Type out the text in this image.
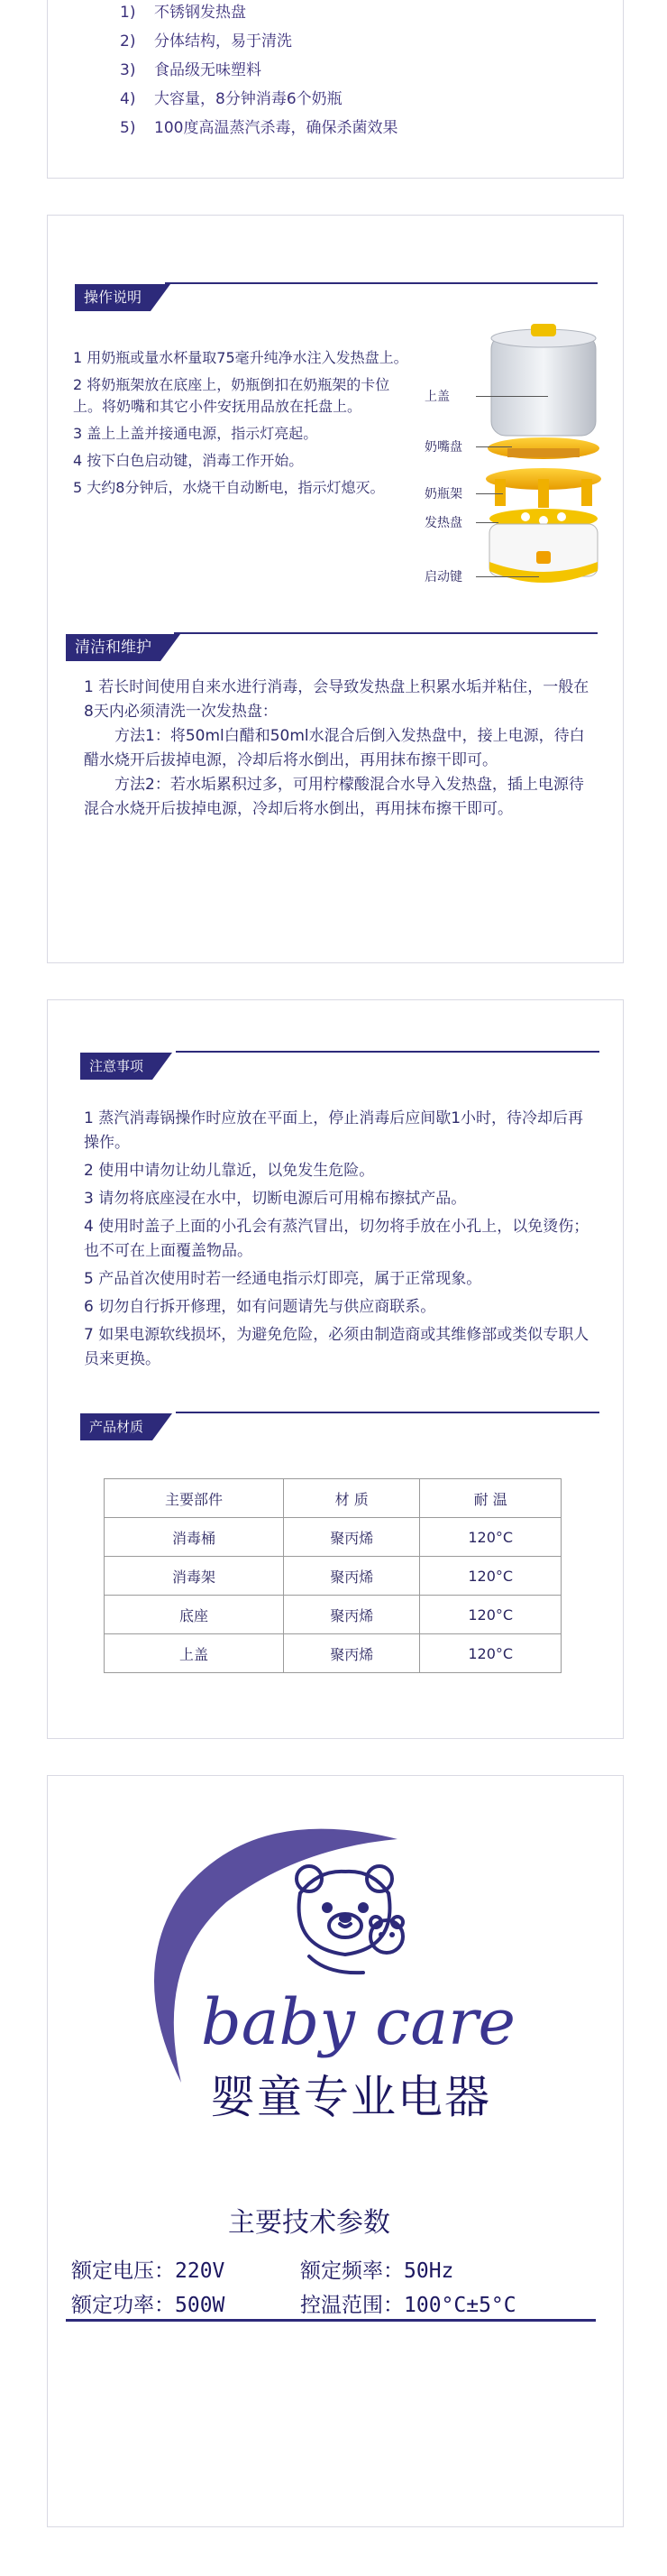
1) 不锈钢发热盘
2) 分体结构，易于清洗
3) 食品级无味塑料
4) 大容量，8分钟消毒6个奶瓶
5) 100度高温蒸汽杀毒，确保杀菌效果
操作说明
1 用奶瓶或量水杯量取75毫升纯净水注入发热盘上。
2 将奶瓶架放在底座上，奶瓶倒扣在奶瓶架的卡位上。将奶嘴和其它小件安抚用品放在托盘上。
3 盖上上盖并接通电源，指示灯亮起。
4 按下白色启动键，消毒工作开始。
5 大约8分钟后，水烧干自动断电，指示灯熄灭。
上盖
奶嘴盘
奶瓶架
发热盘
启动键
清洁和维护
1 若长时间使用自来水进行消毒，会导致发热盘上积累水垢并粘住，一般在8天内必须清洗一次发热盘：
方法1：将50ml白醋和50ml水混合后倒入发热盘中，接上电源，待白醋水烧开后拔掉电源，冷却后将水倒出，再用抹布擦干即可。
方法2：若水垢累积过多，可用柠檬酸混合水导入发热盘，插上电源待混合水烧开后拔掉电源，冷却后将水倒出，再用抹布擦干即可。
注意事项
1 蒸汽消毒锅操作时应放在平面上，停止消毒后应间歇1小时，待冷却后再操作。
2 使用中请勿让幼儿靠近，以免发生危险。
3 请勿将底座浸在水中，切断电源后可用棉布擦拭产品。
4 使用时盖子上面的小孔会有蒸汽冒出，切勿将手放在小孔上，以免烫伤；也不可在上面覆盖物品。
5 产品首次使用时若一经通电指示灯即亮，属于正常现象。
6 切勿自行拆开修理，如有问题请先与供应商联系。
7 如果电源软线损坏，为避免危险，必须由制造商或其维修部或类似专职人员来更换。
产品材质
主要部件	材 质	耐 温
消毒桶	聚丙烯	120°C
消毒架	聚丙烯	120°C
底座	聚丙烯	120°C
上盖	聚丙烯	120°C
baby care
婴童专业电器
主要技术参数
额定电压：220V	额定频率：50Hz
额定功率：500W	控温范围：100°C±5°C
